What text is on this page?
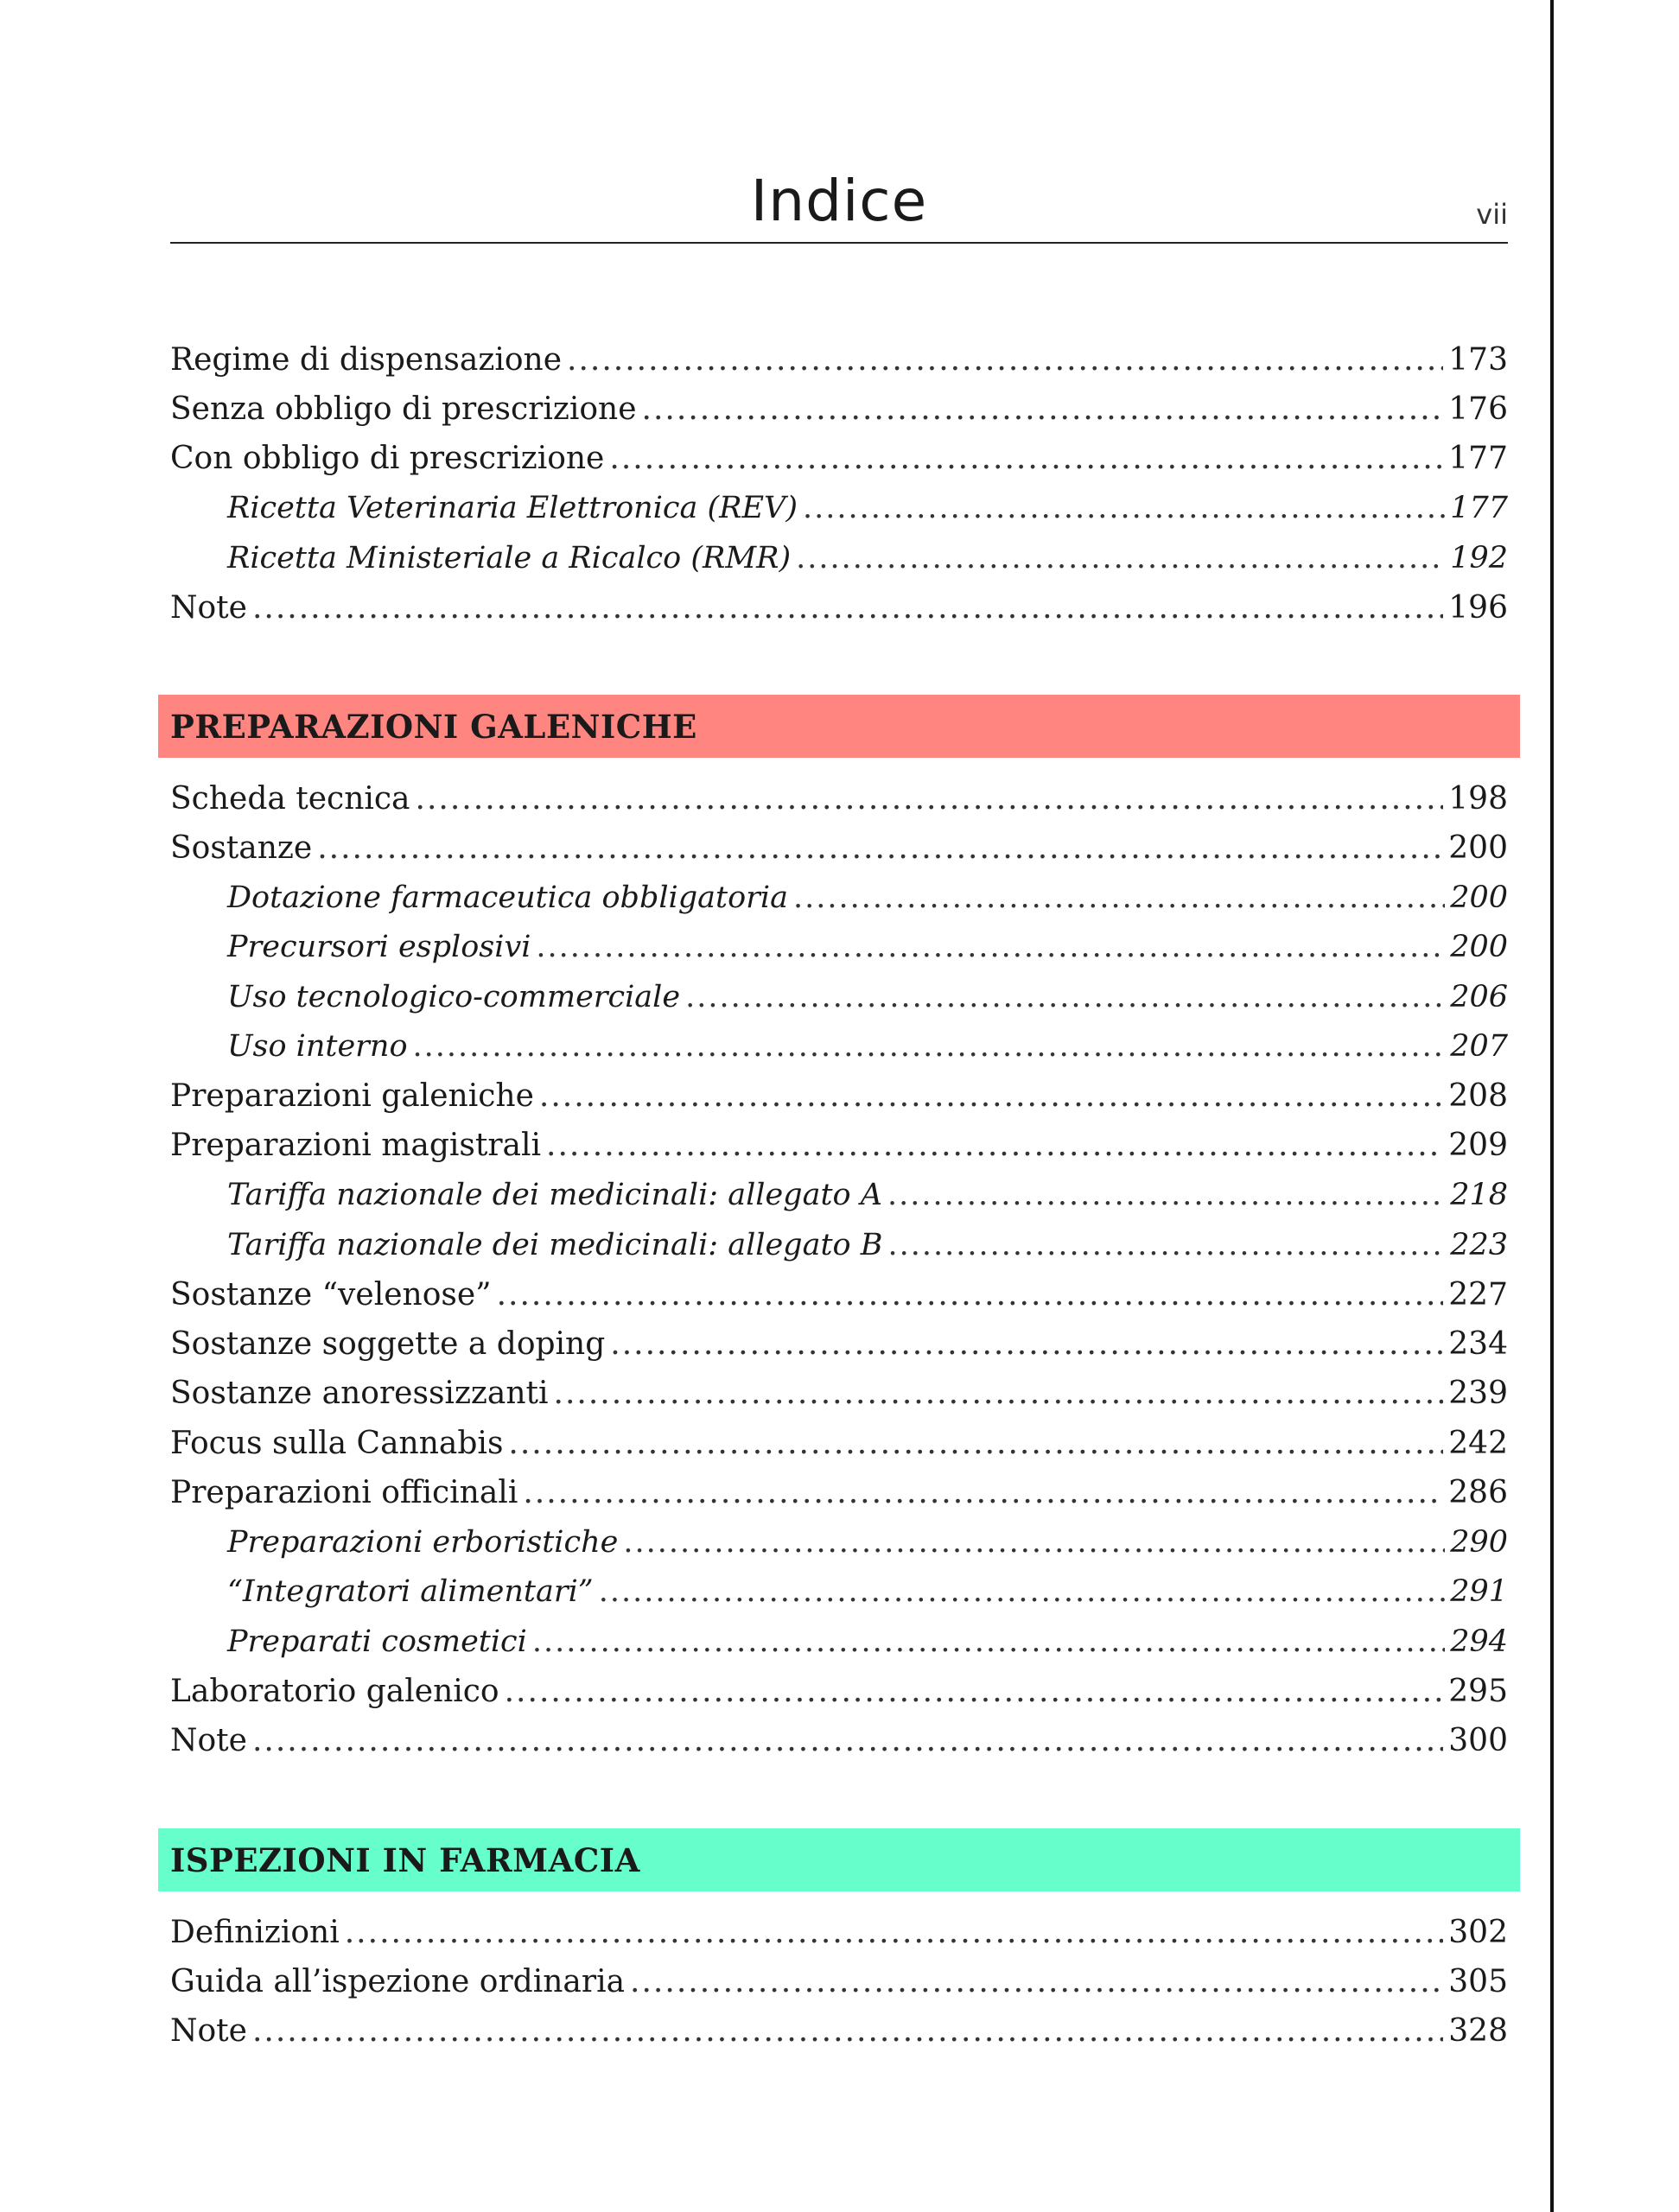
Indice	vii
Regime di dispensazione .....	173
Senza obbligo di prescrizione .....	176
Con obbligo di prescrizione .....	177
Ricetta Veterinaria Elettronica (REV) .....	177
Ricetta Ministeriale a Ricalco (RMR) .....	192
Note .....	196
PREPARAZIONI GALENICHE
Scheda tecnica .....	198
Sostanze .....	200
Dotazione farmaceutica obbligatoria .....	200
Precursori esplosivi .....	200
Uso tecnologico-commerciale .....	206
Uso interno .....	207
Preparazioni galeniche .....	208
Preparazioni magistrali .....	209
Tariffa nazionale dei medicinali: allegato A .....	218
Tariffa nazionale dei medicinali: allegato B .....	223
Sostanze “velenose” .....	227
Sostanze soggette a doping .....	234
Sostanze anoressizzanti .....	239
Focus sulla Cannabis .....	242
Preparazioni officinali .....	286
Preparazioni erboristiche .....	290
“Integratori alimentari” .....	291
Preparati cosmetici .....	294
Laboratorio galenico .....	295
Note .....	300
ISPEZIONI IN FARMACIA
Definizioni .....	302
Guida all’ispezione ordinaria .....	305
Note .....	328
